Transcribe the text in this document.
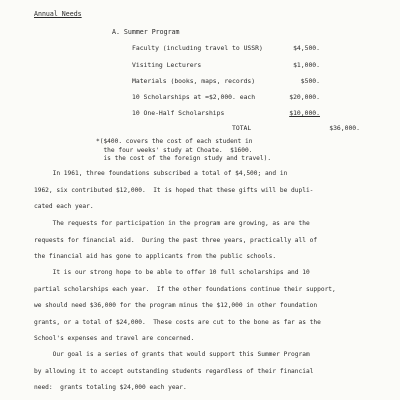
Annual Needs
A. Summer Program
Faculty (including travel to USSR)	$4,500.
Visiting Lecturers	$1,000.
Materials (books, maps, records)	$500.
10 Scholarships at ≈$2,000. each	$20,000.
10 One-Half Scholarships	$10,000.
TOTAL	$36,000.
*($400. covers the cost of each student in
the four weeks' study at Choate.  $1600.
is the cost of the foreign study and travel).
In 1961, three foundations subscribed a total of $4,500; and in
1962, six contributed $12,000.  It is hoped that these gifts will be dupli-
cated each year.
The requests for participation in the program are growing, as are the
requests for financial aid.  During the past three years, practically all of
the financial aid has gone to applicants from the public schools.
It is our strong hope to be able to offer 10 full scholarships and 10
partial scholarships each year.  If the other foundations continue their support,
we should need $36,000 for the program minus the $12,000 in other foundation
grants, or a total of $24,000.  These costs are cut to the bone as far as the
School's expenses and travel are concerned.
Our goal is a series of grants that would support this Summer Program
by allowing it to accept outstanding students regardless of their financial
need:  grants totaling $24,000 each year.
